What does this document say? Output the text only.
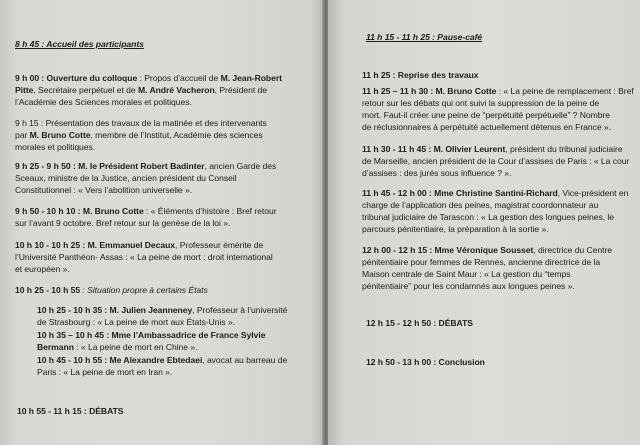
8 h 45 : Accueil des participants
9 h 00 : Ouverture du colloque : Propos d’accueil de M. Jean-Robert
Pitte, Secrétaire perpétuel et de M. André Vacheron, Président de
l’Académie des Sciences morales et politiques.
9 h 15 : Présentation des travaux de la matinée et des intervenants
par M. Bruno Cotte, membre de l’Institut, Académie des sciences
morales et politiques.
9 h 25 - 9 h 50 : M. le Président Robert Badinter, ancien Garde des
Sceaux, ministre de la Justice, ancien président du Conseil
Constitutionnel : « Vers l’abolition universelle ».
9 h 50 - 10 h 10 : M. Bruno Cotte : « Éléments d’histoire : Bref retour
sur l’avant 9 octobre. Bref retour sur la genèse de la loi ».
10 h 10 - 10 h 25 : M. Emmanuel Decaux, Professeur émérite de
l’Université Panthéon- Assas : « La peine de mort : droit international
et européen ».
10 h 25 - 10 h 55 : Situation propre à certains États
10 h 25 - 10 h 35 : M. Julien Jeanneney, Professeur à l’université
de Strasbourg : « La peine de mort aux États-Unis ».
10 h 35 – 10 h 45 : Mme l’Ambassadrice de France Sylvie
Bermann : « La peine de mort en Chine ».
10 h 45 - 10 h 55 : Me Alexandre Ebtedaei, avocat au barreau de
Paris : « La peine de mort en Iran ».
10 h 55 - 11 h 15 : DÉBATS
11 h 15 - 11 h 25 : Pause-café
11 h 25 : Reprise des travaux
11 h 25 – 11 h 30 : M. Bruno Cotte : « La peine de remplacement : Bref
retour sur les débats qui ont suivi la suppression de la peine de
mort. Faut-il créer une peine de “perpétuité perpétuelle” ? Nombre
de réclusionnaires à perpétuité actuellement détenus en France ».
11 h 30 - 11 h 45 : M. Olivier Leurent, président du tribunal judiciaire
de Marseille, ancien président de la Cour d’assises de Paris : « La cour
d’assises : des jurés sous influence ? ».
11 h 45 - 12 h 00 : Mme Christine Santini-Richard, Vice-président en
charge de l’application des peines, magistrat coordonnateur au
tribunal judiciaire de Tarascon : « La gestion des longues peines, le
parcours pénitentiaire, la préparation à la sortie ».
12 h 00 - 12 h 15 : Mme Véronique Sousset, directrice du Centre
pénitentiaire pour femmes de Rennes, ancienne directrice de la
Maison centrale de Saint Maur : « La gestion du “temps
pénitentiaire” pour les condamnés aux longues peines ».
12 h 15 - 12 h 50 : DÉBATS
12 h 50 - 13 h 00 : Conclusion
